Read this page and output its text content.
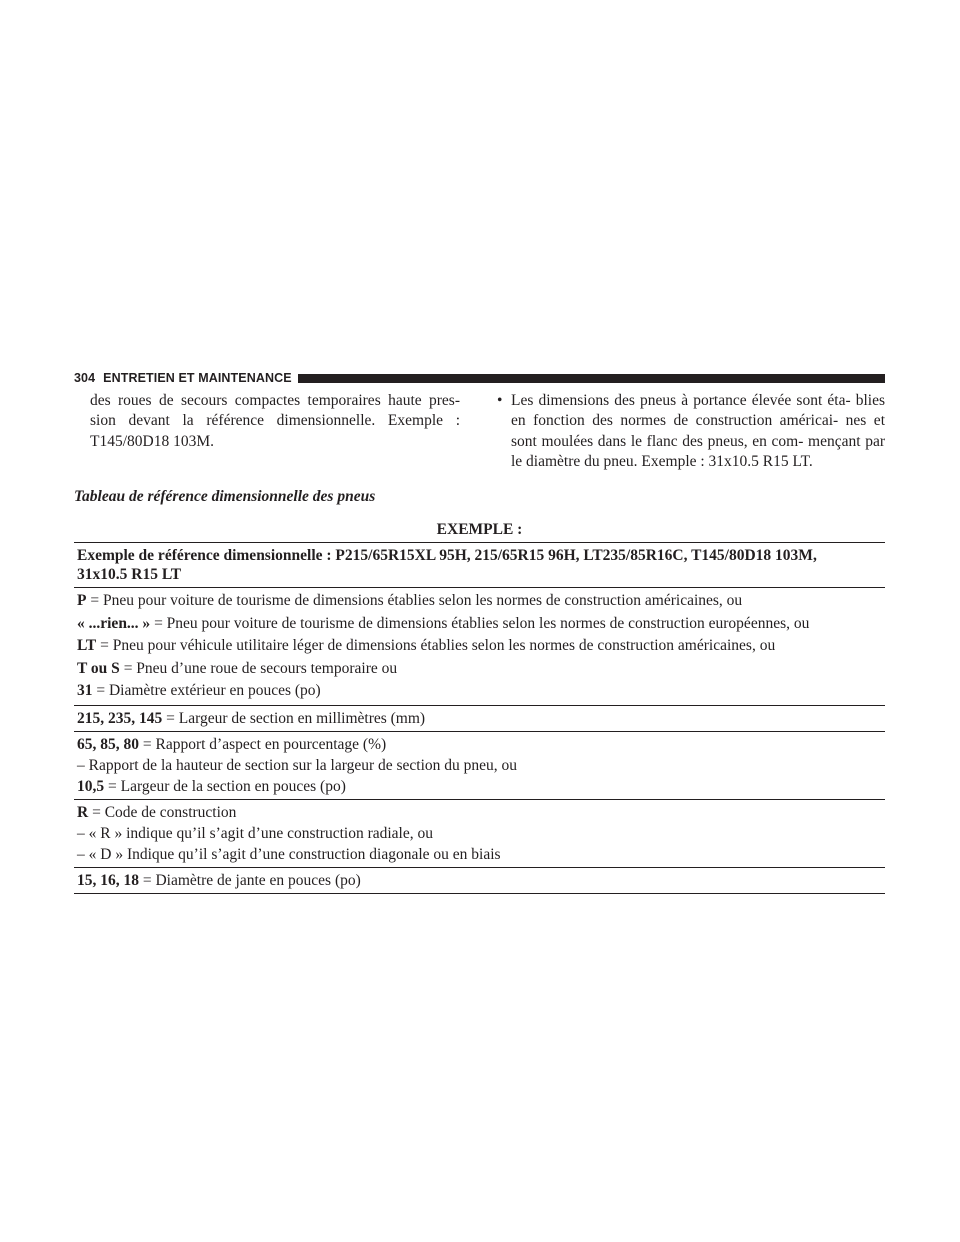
304 ENTRETIEN ET MAINTENANCE
des roues de secours compactes temporaires haute pres- sion devant la référence dimensionnelle. Exemple : T145/80D18 103M.
• Les dimensions des pneus à portance élevée sont éta- blies en fonction des normes de construction américai- nes et sont moulées dans le flanc des pneus, en com- mençant par le diamètre du pneu. Exemple : 31x10.5 R15 LT.
Tableau de référence dimensionnelle des pneus
EXEMPLE :
Exemple de référence dimensionnelle : P215/65R15XL 95H, 215/65R15 96H, LT235/85R16C, T145/80D18 103M,
31x10.5 R15 LT
P = Pneu pour voiture de tourisme de dimensions établies selon les normes de construction américaines, ou
« ...rien... » = Pneu pour voiture de tourisme de dimensions établies selon les normes de construction européennes, ou
LT = Pneu pour véhicule utilitaire léger de dimensions établies selon les normes de construction américaines, ou
T ou S = Pneu d’une roue de secours temporaire ou
31 = Diamètre extérieur en pouces (po)
215, 235, 145 = Largeur de section en millimètres (mm)
65, 85, 80 = Rapport d’aspect en pourcentage (%)
– Rapport de la hauteur de section sur la largeur de section du pneu, ou
10,5 = Largeur de la section en pouces (po)
R = Code de construction
– « R » indique qu’il s’agit d’une construction radiale, ou
– « D » Indique qu’il s’agit d’une construction diagonale ou en biais
15, 16, 18 = Diamètre de jante en pouces (po)
